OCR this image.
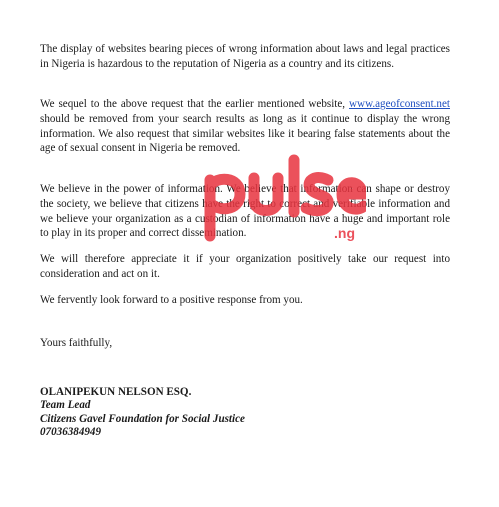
The display of websites bearing pieces of wrong information about laws and legal practices in Nigeria is hazardous to the reputation of Nigeria as a country and its citizens.

We sequel to the above request that the earlier mentioned website, www.ageofconsent.net should be removed from your search results as long as it continue to display the wrong information. We also request that similar websites like it bearing false statements about the age of sexual consent in Nigeria be removed.

We believe in the power of information. We believe that information can shape or destroy the society, we believe that citizens have the right to correct and verifiable information and we believe your organization as a custodian of information have a huge and important role to play in its proper and correct dissemination.

We will therefore appreciate it if your organization positively take our request into consideration and act on it.

We fervently look forward to a positive response from you.

Yours faithfully,

OLANIPEKUN NELSON ESQ.
Team Lead
Citizens Gavel Foundation for Social Justice
07036384949
.ng
